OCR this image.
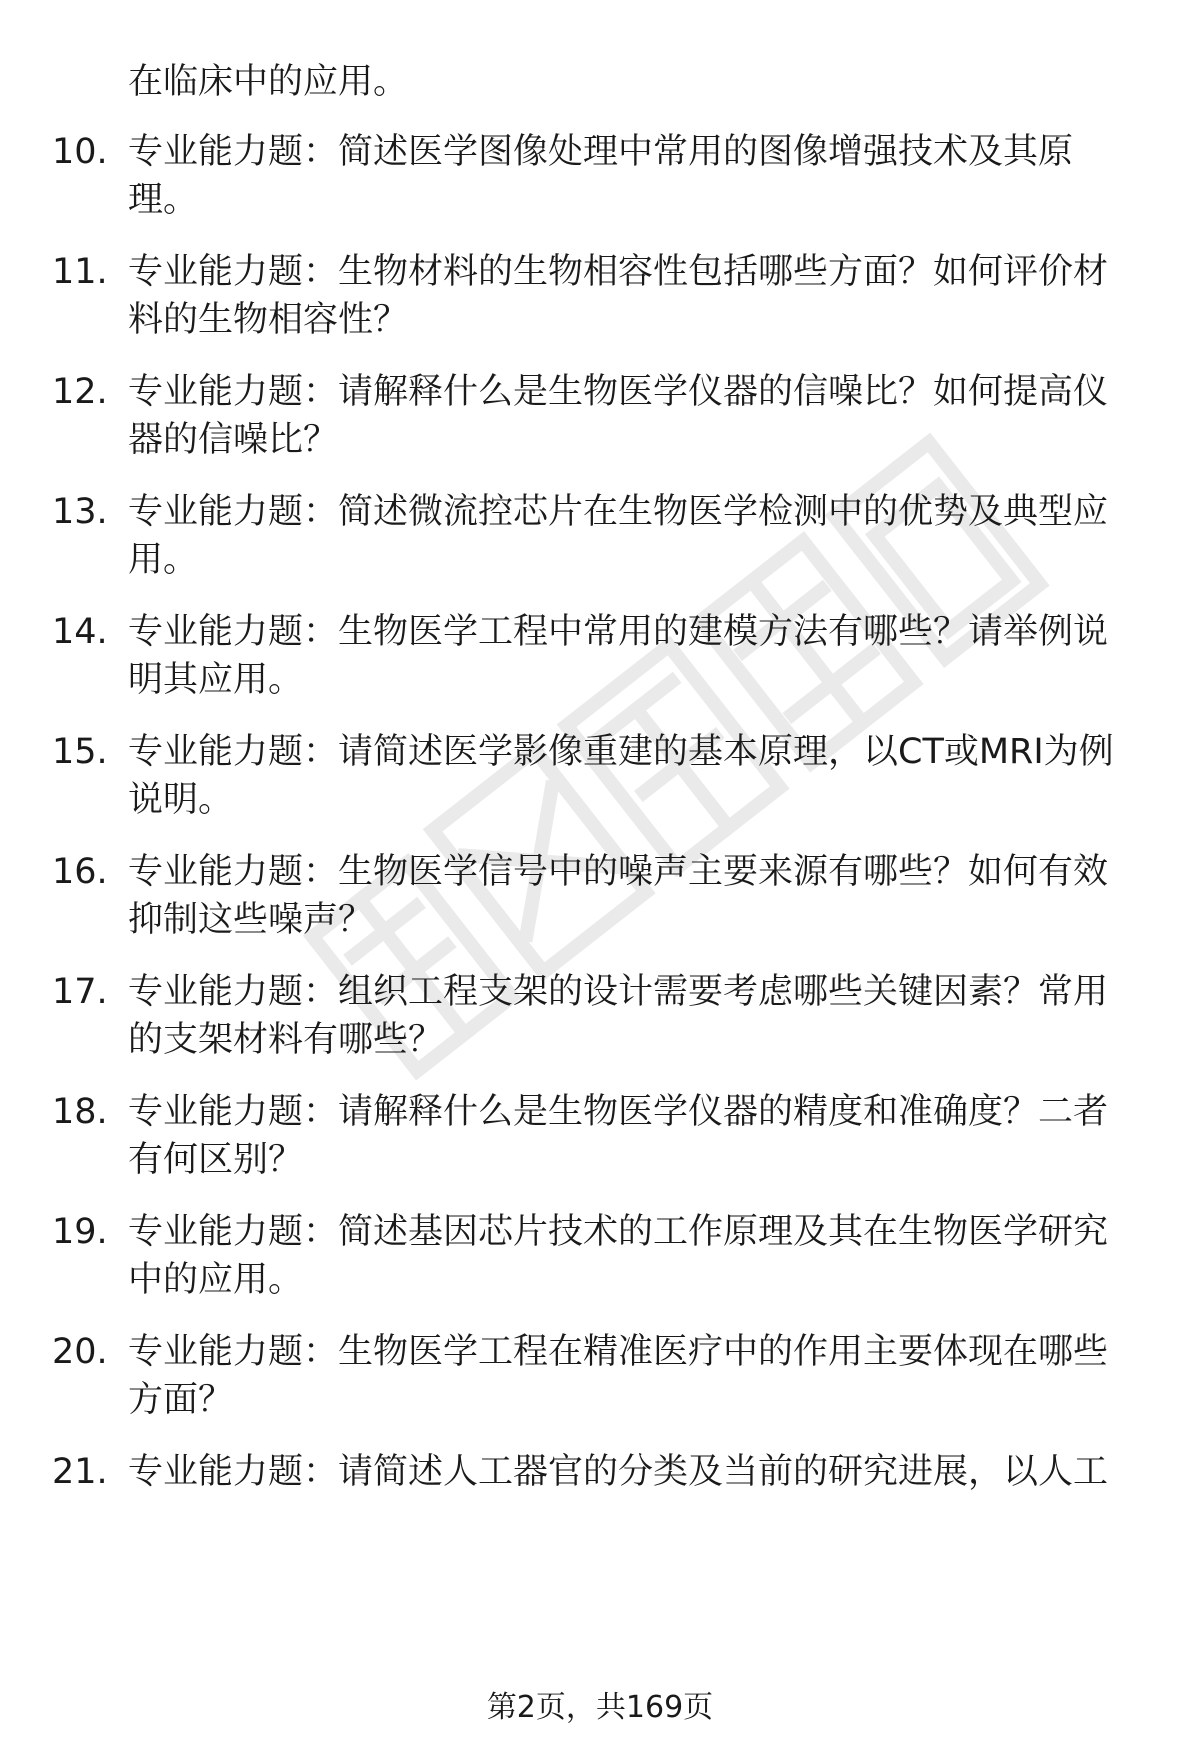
在临床中的应用。
10. 专业能力题：简述医学图像处理中常用的图像增强技术及其原理。
11. 专业能力题：生物材料的生物相容性包括哪些方面？如何评价材料的生物相容性？
12. 专业能力题：请解释什么是生物医学仪器的信噪比？如何提高仪器的信噪比？
13. 专业能力题：简述微流控芯片在生物医学检测中的优势及典型应用。
14. 专业能力题：生物医学工程中常用的建模方法有哪些？请举例说明其应用。
15. 专业能力题：请简述医学影像重建的基本原理，以CT或MRI为例说明。
16. 专业能力题：生物医学信号中的噪声主要来源有哪些？如何有效抑制这些噪声？
17. 专业能力题：组织工程支架的设计需要考虑哪些关键因素？常用的支架材料有哪些？
18. 专业能力题：请解释什么是生物医学仪器的精度和准确度？二者有何区别？
19. 专业能力题：简述基因芯片技术的工作原理及其在生物医学研究中的应用。
20. 专业能力题：生物医学工程在精准医疗中的作用主要体现在哪些方面？
21. 专业能力题：请简述人工器官的分类及当前的研究进展，以人工
第2页，共169页
